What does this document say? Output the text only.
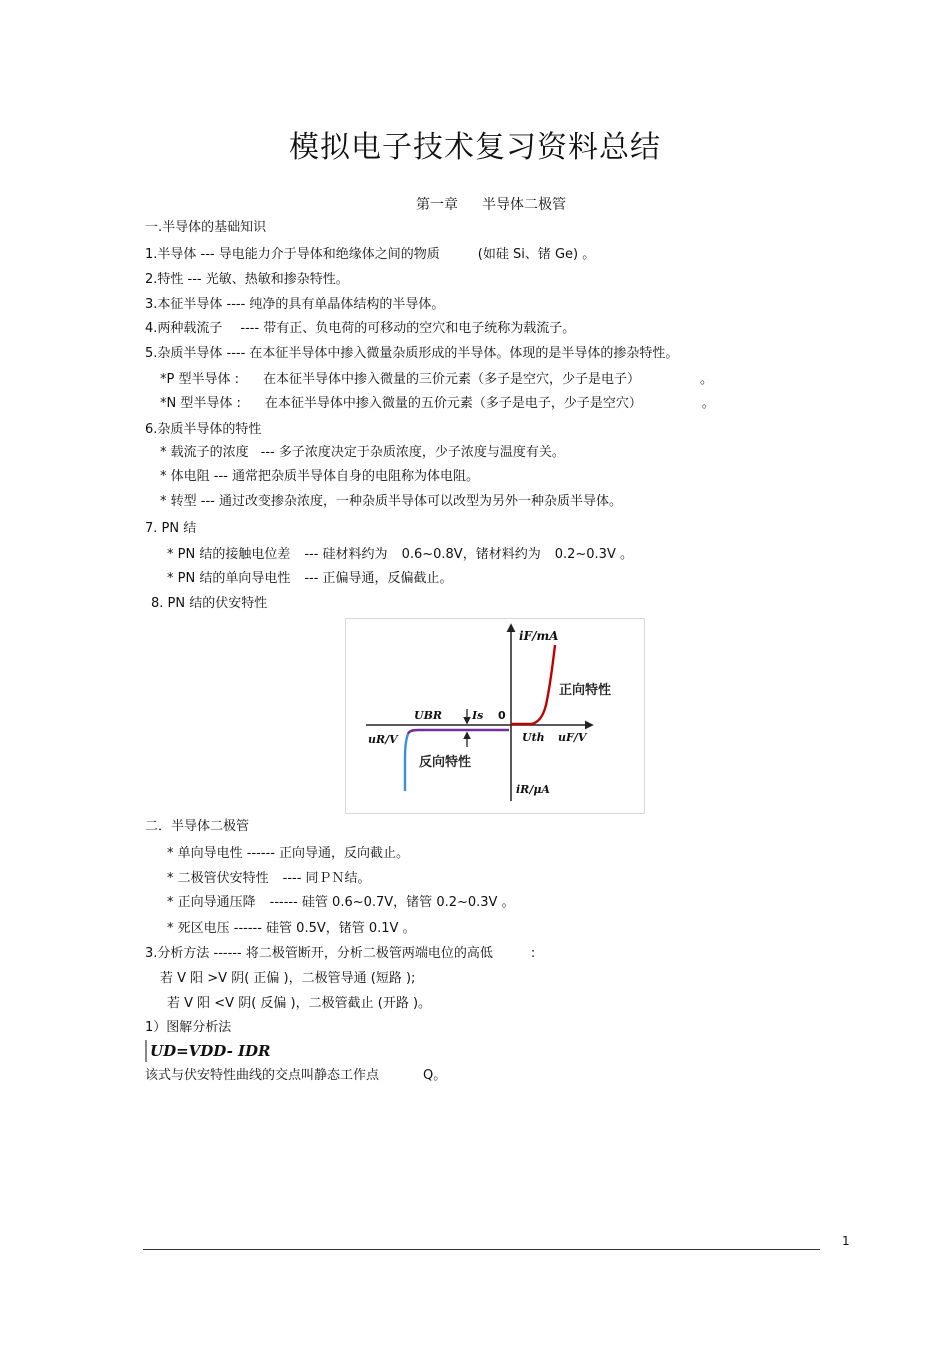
模拟电子技术复习资料总结
第一章 半导体二极管
一.半导体的基础知识
1.半导体 --- 导电能力介于导体和绝缘体之间的物质	(如硅 Si、锗 Ge) 。
2.特性 --- 光敏、热敏和掺杂特性。
3.本征半导体 ---- 纯净的具有单晶体结构的半导体。
4.两种载流子 ---- 带有正、负电荷的可移动的空穴和电子统称为载流子。
5.杂质半导体 ---- 在本征半导体中掺入微量杂质形成的半导体。体现的是半导体的掺杂特性。
*P 型半导体 : 在本征半导体中掺入微量的三价元素（多子是空穴，少子是电子）	。
*N 型半导体 : 在本征半导体中掺入微量的五价元素（多子是电子，少子是空穴）	。
6.杂质半导体的特性
* 载流子的浓度 --- 多子浓度决定于杂质浓度，少子浓度与温度有关。
* 体电阻 --- 通常把杂质半导体自身的电阻称为体电阻。
* 转型 --- 通过改变掺杂浓度，一种杂质半导体可以改型为另外一种杂质半导体。
7. PN 结
* PN 结的接触电位差 --- 硅材料约为 0.6~0.8V，锗材料约为 0.2~0.3V 。
* PN 结的单向导电性 --- 正偏导通，反偏截止。
8. PN 结的伏安特性
iF/mA
正向特性
UBR	Is 0
uR/V	Uth uF/V
反向特性
iR/μA
二．半导体二极管
* 单向导电性 ------ 正向导通，反向截止。
* 二极管伏安特性 ---- 同ＰＮ结。
* 正向导通压降 ------ 硅管 0.6~0.7V，锗管 0.2~0.3V 。
* 死区电压 ------ 硅管 0.5V，锗管 0.1V 。
3.分析方法 ------ 将二极管断开，分析二极管两端电位的高低	:
若 V 阳 >V 阴( 正偏 )，二极管导通 (短路 );
若 V 阳 <V 阴( 反偏 )，二极管截止 (开路 )。
1）图解分析法
UD=VDD- IDR
该式与伏安特性曲线的交点叫静态工作点	Q。
1
